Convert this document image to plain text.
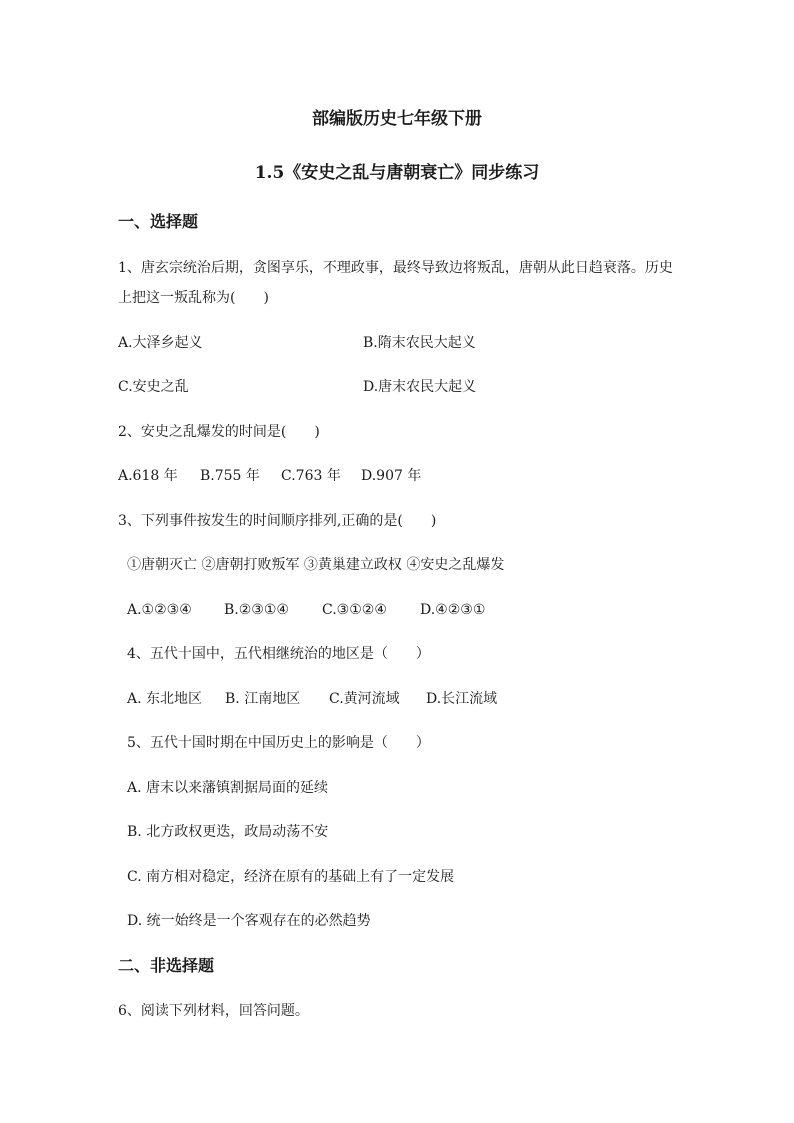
部编版历史七年级下册
1.5《安史之乱与唐朝衰亡》同步练习
一、选择题
1、唐玄宗统治后期，贪图享乐，不理政事，最终导致边将叛乱，唐朝从此日趋衰落。历史
上把这一叛乱称为(　　)
A.大泽乡起义	B.隋末农民大起义
C.安史之乱	D.唐末农民大起义
2、安史之乱爆发的时间是(　　)
A.618 年 B.755 年 C.763 年 D.907 年
3、下列事件按发生的时间顺序排列,正确的是(　　)
①唐朝灭亡 ②唐朝打败叛军 ③黄巢建立政权 ④安史之乱爆发
A.①②③④ B.②③①④ C.③①②④ D.④②③①
4、五代十国中，五代相继统治的地区是（　　）
A. 东北地区 B. 江南地区 C.黄河流域 D.长江流域
5、五代十国时期在中国历史上的影响是（　　）
A. 唐末以来藩镇割据局面的延续
B. 北方政权更迭，政局动荡不安
C. 南方相对稳定，经济在原有的基础上有了一定发展
D. 统一始终是一个客观存在的必然趋势
二、非选择题
6、阅读下列材料，回答问题。
